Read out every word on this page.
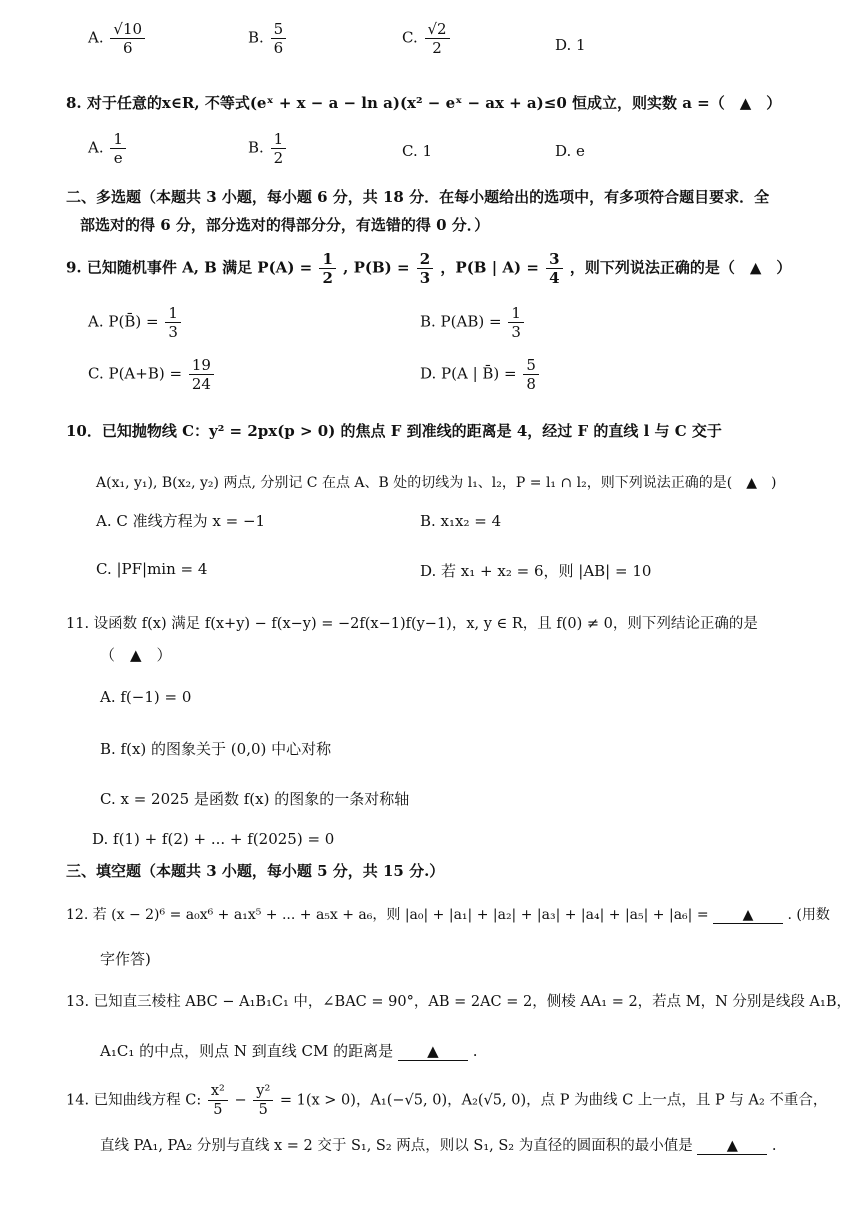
A. $\frac{√10}{6}$	B. $\frac{5}{6}$	C. $\frac{√2}{2}$	D. 1
8. 对于任意的x∈R, 不等式(eˣ + x − a − ln a)(x² − eˣ − ax + a)≤0 恒成立，则实数 a =（　▲　）
A. $\frac{1}{e}$	B. $\frac{1}{2}$	C. 1	D. e
二、多选题（本题共 3 小题，每小题 6 分，共 18 分．在每小题给出的选项中，有多项符合题目要求．全
部选对的得 6 分，部分选对的得部分分，有选错的得 0 分．）
9. 已知随机事件 A, B 满足 $P(A) = \frac{1}{2}$ , $P(B) = \frac{2}{3}$ ，P(B | $A) = \frac{3}{4}$ ，则下列说法正确的是（　▲　）
A. P(B̄) = $\frac{1}{3}$	B. $P(AB) = \frac{1}{3}$
C. $P(A+B) = \frac{19}{24}$	D. P(A | B̄) = $\frac{5}{8}$
10．已知抛物线 C：y² = 2px(p > 0) 的焦点 F 到准线的距离是 4，经过 F 的直线 l 与 C 交于
A(x₁, y₁), B(x₂, y₂) 两点, 分别记 C 在点 A、B 处的切线为 l₁、l₂，P = l₁ ∩ l₂，则下列说法正确的是(　▲　)
A. C 准线方程为 x = −1	B. x₁x₂ = 4
C. |PF|min = 4	D. 若 x₁ + x₂ = 6，则 |AB| = 10
11. 设函数 f(x) 满足 f(x+y) − f(x−y) = −2f(x−1)f(y−1)，x, y ∈ R，且 f(0) ≠ 0，则下列结论正确的是
（　▲　）
A. f(−1) = 0
B. f(x) 的图象关于 (0,0) 中心对称
C. x = 2025 是函数 f(x) 的图象的一条对称轴
D. f(1) + f(2) + ... + f(2025) = 0
三、填空题（本题共 3 小题，每小题 5 分，共 15 分.）
12. 若 (x − 2)⁶ = a₀x⁶ + a₁x⁵ + ... + a₅x + a₆，则 |a₀| + |a₁| + |a₂| + |a₃| + |a₄| + |a₅| + |a₆| = ▲ . (用数
字作答)
13. 已知直三棱柱 ABC − A₁B₁C₁ 中，∠BAC = 90°，AB = 2AC = 2，侧棱 AA₁ = 2，若点 M，N 分别是线段 A₁B，
A₁C₁ 的中点，则点 N 到直线 CM 的距离是 ▲ .
14. 已知曲线方程 C: $\frac{\text{x²}}{5} - \frac{\text{y²}}{5} = 1(x > 0)$，A₁(−√5, 0)，A₂(√5, 0)，点 P 为曲线 C 上一点，且 P 与 A₂ 不重合，
直线 PA₁, PA₂ 分别与直线 x = 2 交于 S₁, S₂ 两点，则以 S₁, S₂ 为直径的圆面积的最小值是 ▲ .
